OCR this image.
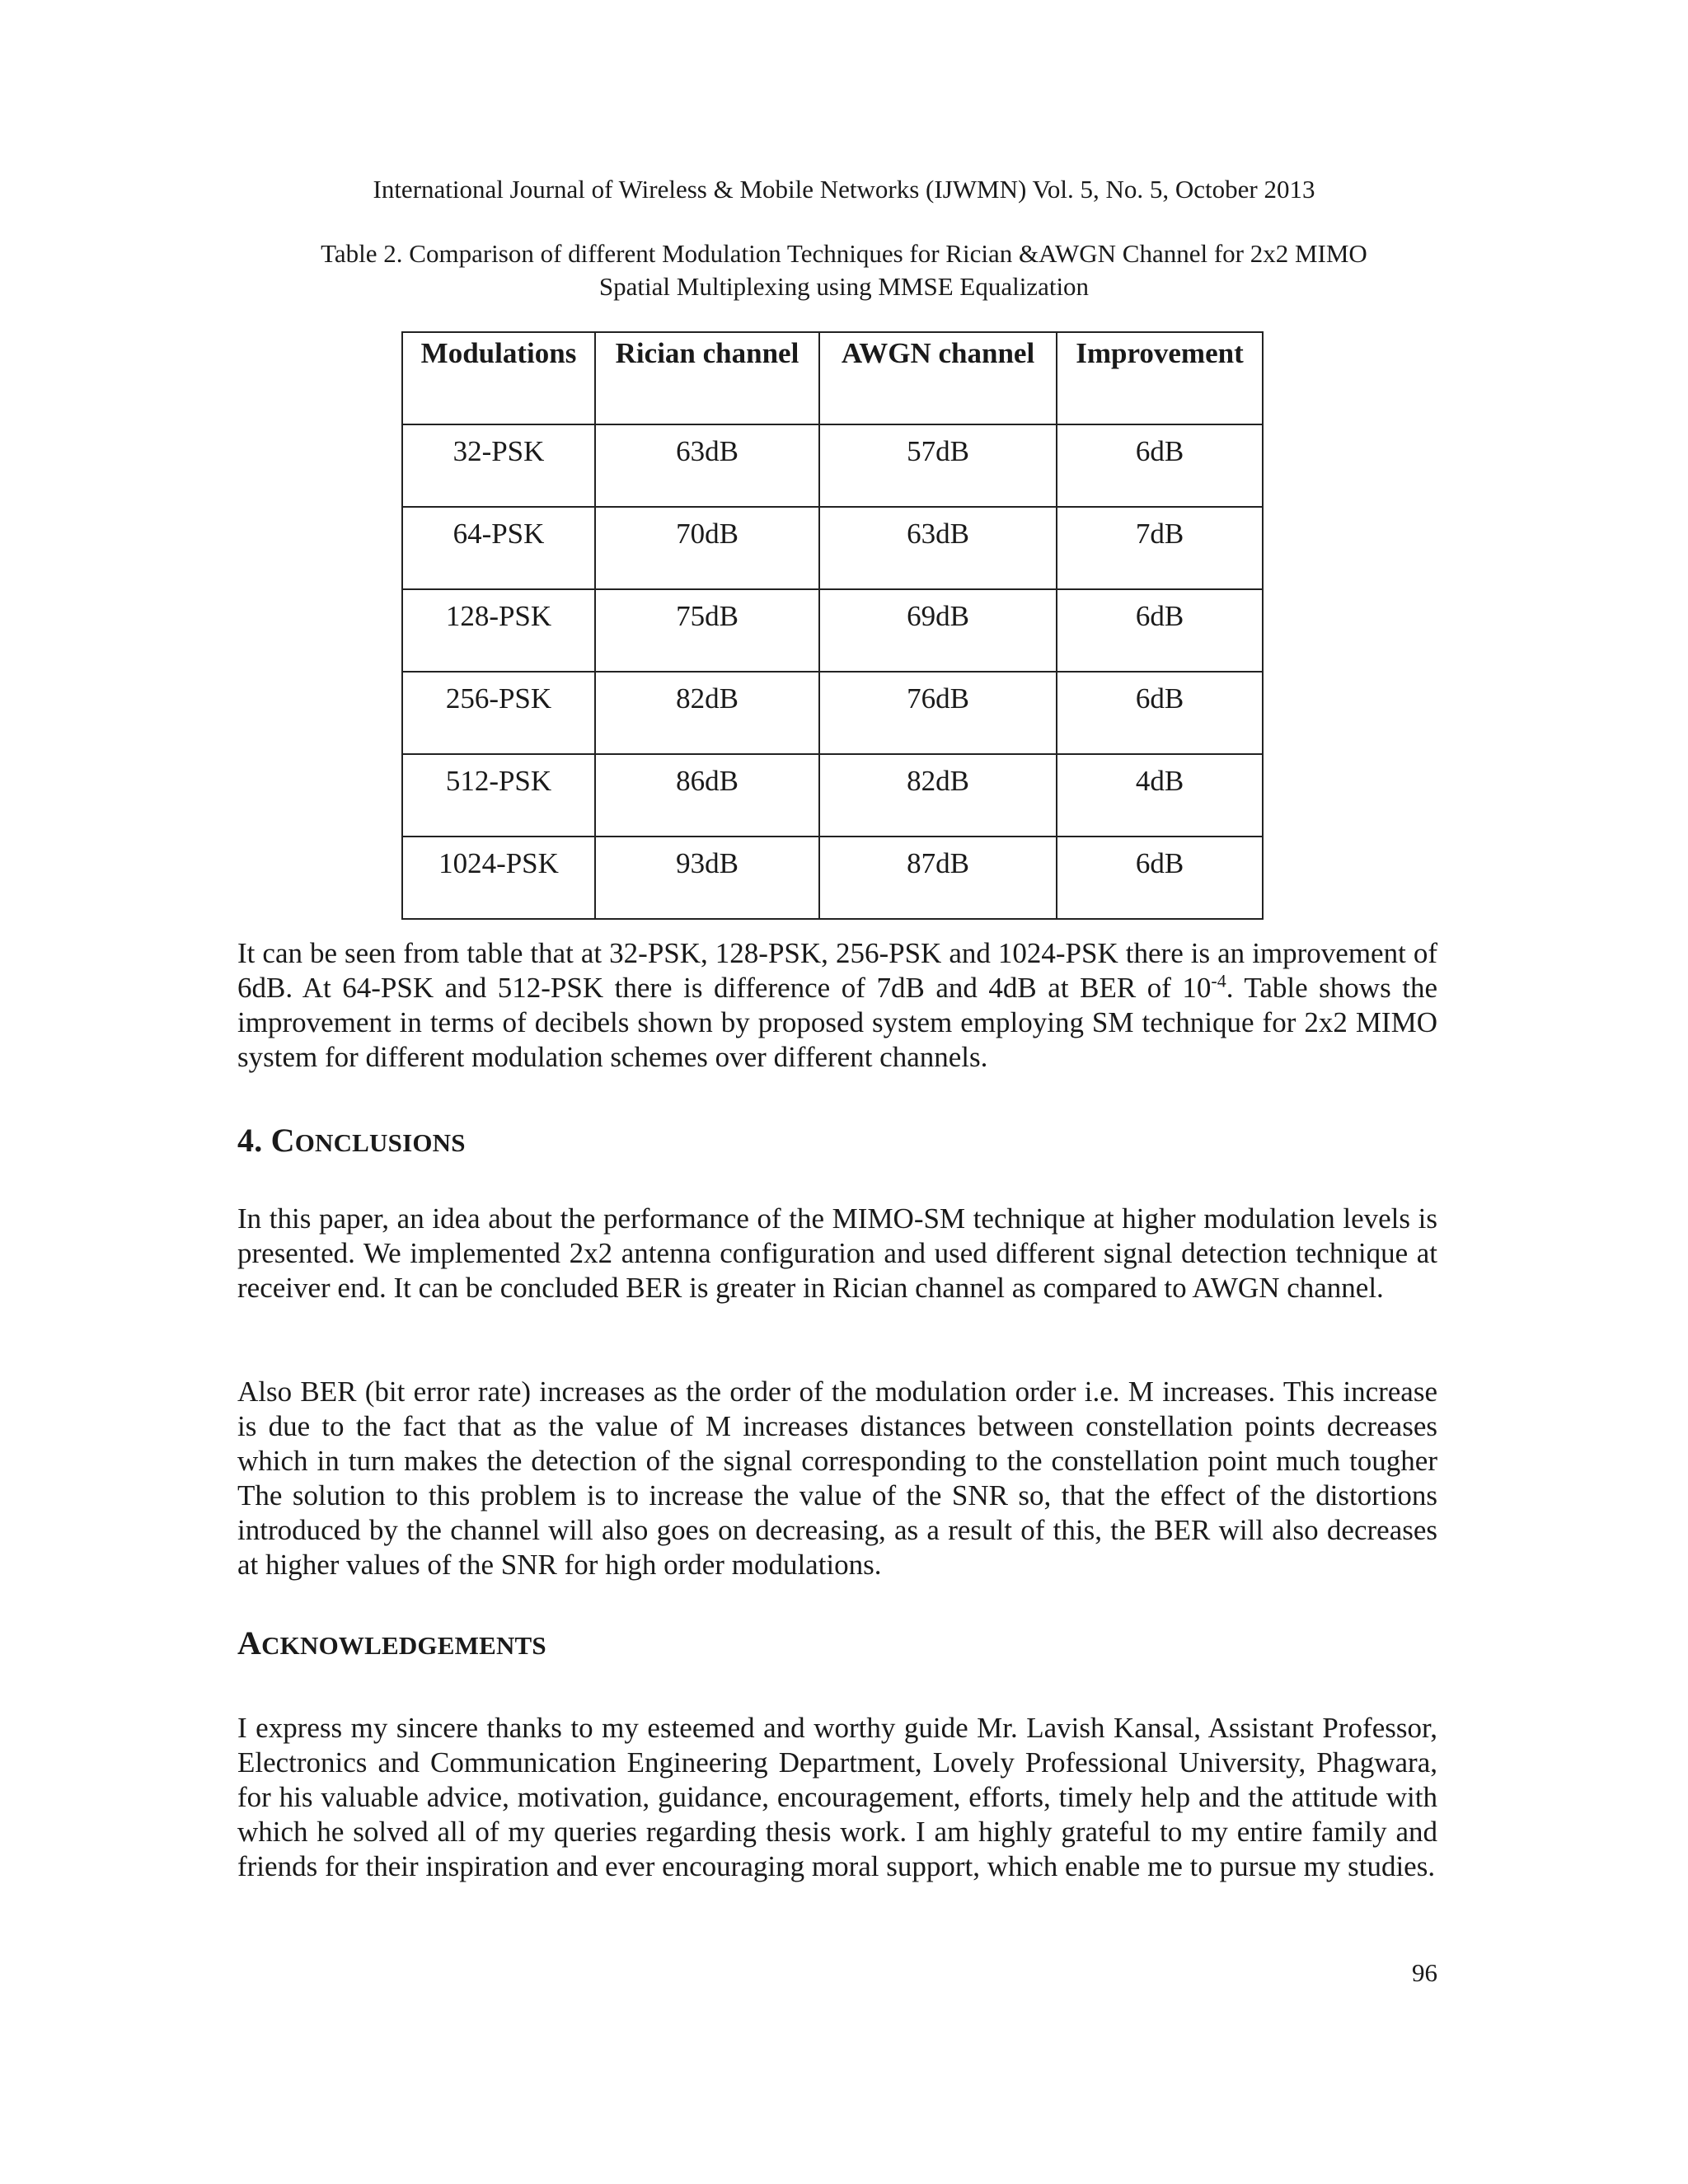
International Journal of Wireless & Mobile Networks (IJWMN) Vol. 5, No. 5, October 2013
Table 2. Comparison of different Modulation Techniques for Rician &AWGN Channel for 2x2 MIMO
Spatial Multiplexing using MMSE Equalization
Modulations	Rician channel	AWGN channel	Improvement
32-PSK	63dB	57dB	6dB
64-PSK	70dB	63dB	7dB
128-PSK	75dB	69dB	6dB
256-PSK	82dB	76dB	6dB
512-PSK	86dB	82dB	4dB
1024-PSK	93dB	87dB	6dB

It can be seen from table that at 32-PSK, 128-PSK, 256-PSK and 1024-PSK there is an improvement of 6dB. At 64-PSK and 512-PSK there is difference of 7dB and 4dB at BER of $10^{-4}$. Table shows the improvement in terms of decibels shown by proposed system employing SM technique for 2x2 MIMO system for different modulation schemes over different channels.

4. CONCLUSIONS

In this paper, an idea about the performance of the MIMO-SM technique at higher modulation levels is presented. We implemented 2x2 antenna configuration and used different signal detection technique at receiver end. It can be concluded BER is greater in Rician channel as compared to AWGN channel.

Also BER (bit error rate) increases as the order of the modulation order i.e. M increases. This increase is due to the fact that as the value of M increases distances between constellation points decreases which in turn makes the detection of the signal corresponding to the constellation point much tougher The solution to this problem is to increase the value of the SNR so, that the effect of the distortions introduced by the channel will also goes on decreasing, as a result of this, the BER will also decreases at higher values of the SNR for high order modulations.

ACKNOWLEDGEMENTS

I express my sincere thanks to my esteemed and worthy guide Mr. Lavish Kansal, Assistant Professor, Electronics and Communication Engineering Department, Lovely Professional University, Phagwara, for his valuable advice, motivation, guidance, encouragement, efforts, timely help and the attitude with which he solved all of my queries regarding thesis work. I am highly grateful to my entire family and friends for their inspiration and ever encouraging moral support, which enable me to pursue my studies.

96
